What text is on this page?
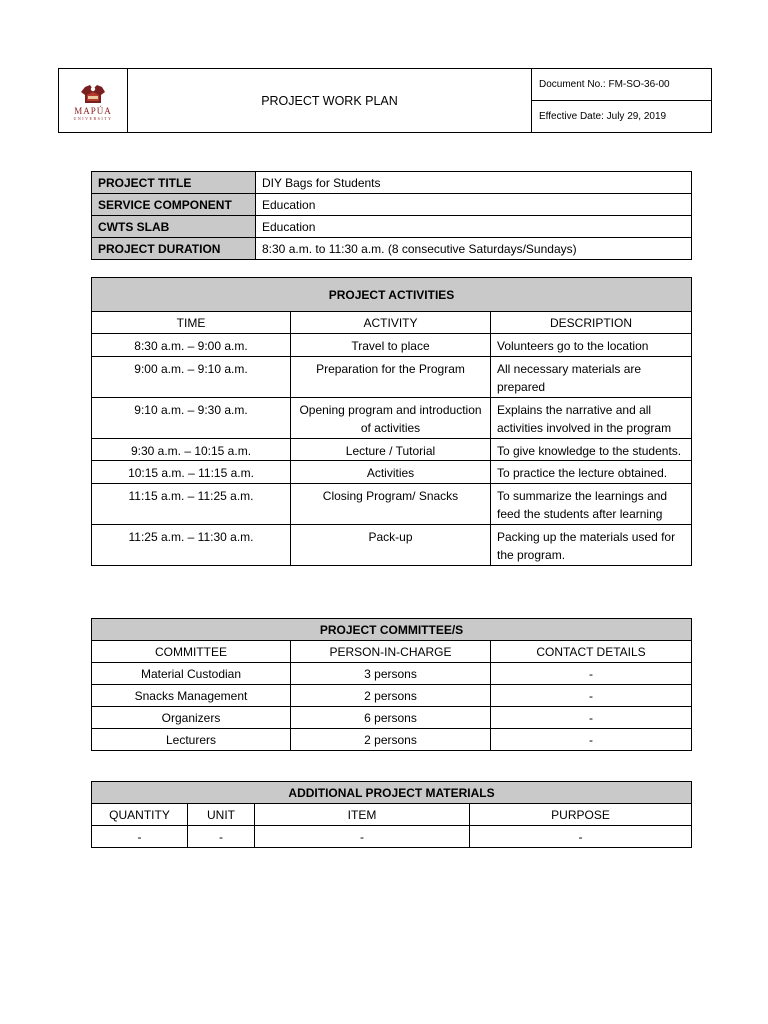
MAPÚA
UNIVERSITY
PROJECT WORK PLAN
Document No.: FM-SO-36-00
Effective Date: July 29, 2019
PROJECT TITLE	DIY Bags for Students
SERVICE COMPONENT	Education
CWTS SLAB	Education
PROJECT DURATION	8:30 a.m. to 11:30 a.m. (8 consecutive Saturdays/Sundays)
PROJECT ACTIVITIES		
TIME	ACTIVITY	DESCRIPTION
8:30 a.m. – 9:00 a.m.	Travel to place	Volunteers go to the location
9:00 a.m. – 9:10 a.m.	Preparation for the Program	All necessary materials are prepared
9:10 a.m. – 9:30 a.m.	Opening program and introduction of activities	Explains the narrative and all activities involved in the program
9:30 a.m. – 10:15 a.m.	Lecture / Tutorial	To give knowledge to the students.
10:15 a.m. – 11:15 a.m.	Activities	To practice the lecture obtained.
11:15 a.m. – 11:25 a.m.	Closing Program/ Snacks	To summarize the learnings and feed the students after learning
11:25 a.m. – 11:30 a.m.	Pack-up	Packing up the materials used for the program.
PROJECT COMMITTEE/S		
COMMITTEE	PERSON-IN-CHARGE	CONTACT DETAILS
Material Custodian	3 persons	-
Snacks Management	2 persons	-
Organizers	6 persons	-
Lecturers	2 persons	-
ADDITIONAL PROJECT MATERIALS			
QUANTITY	UNIT	ITEM	PURPOSE
-	-	-	-
